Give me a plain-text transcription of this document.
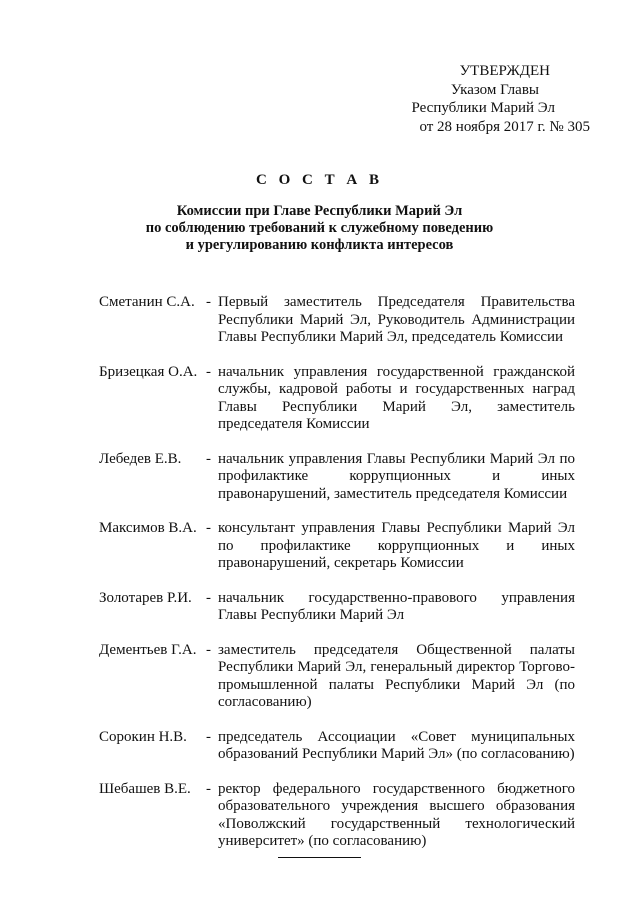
УТВЕРЖДЕН
Указом Главы
Республики Марий Эл
от 28 ноября 2017 г. № 305
С О С Т А В
Комиссии при Главе Республики Марий Эл
по соблюдению требований к служебному поведению
и урегулированию конфликта интересов
Сметанин С.А. - Первый заместитель Председателя Правительства Республики Марий Эл, Руководитель Администрации Главы Республики Марий Эл, председатель Комиссии
Бризецкая О.А. - начальник управления государственной гражданской службы, кадровой работы и государственных наград Главы Республики Марий Эл, заместитель председателя Комиссии
Лебедев Е.В.	- начальник управления Главы Республики Марий Эл по профилактике коррупционных и иных правонарушений, заместитель председателя Комиссии
Максимов В.А. - консультант управления Главы Республики Марий Эл по профилактике коррупционных и иных правонарушений, секретарь Комиссии
Золотарев Р.И. - начальник государственно-правового управления Главы Республики Марий Эл
Дементьев Г.А. - заместитель председателя Общественной палаты Республики Марий Эл, генеральный директор Торгово-промышленной палаты Республики Марий Эл (по согласованию)
Сорокин Н.В.	- председатель Ассоциации «Совет муниципальных образований Республики Марий Эл» (по согласованию)
Шебашев В.Е.	- ректор федерального государственного бюджетного образовательного учреждения высшего образования «Поволжский государственный технологический университет» (по согласованию)
